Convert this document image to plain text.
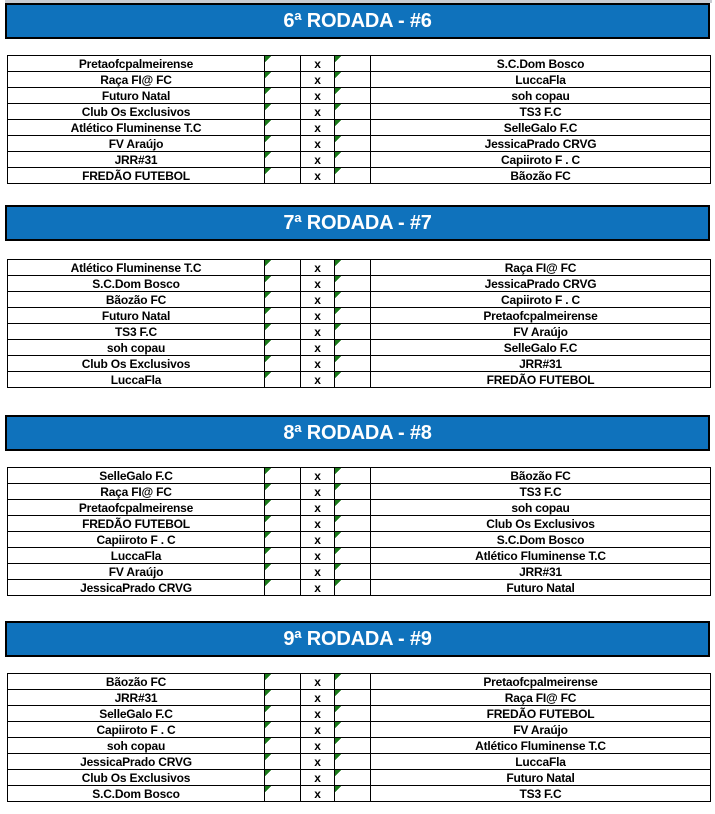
6ª RODADA - #6
Pretaofcpalmeirense		x		S.C.Dom Bosco
Raça FI@ FC		x		LuccaFla
Futuro Natal		x		soh copau
Club Os Exclusivos		x		TS3 F.C
Atlético Fluminense T.C		x		SelleGalo F.C
FV Araújo		x		JessicaPrado CRVG
JRR#31		x		Capiiroto F . C
FREDÃO FUTEBOL		x		Bãozão FC
7ª RODADA - #7
Atlético Fluminense T.C		x		Raça FI@ FC
S.C.Dom Bosco		x		JessicaPrado CRVG
Bãozão FC		x		Capiiroto F . C
Futuro Natal		x		Pretaofcpalmeirense
TS3 F.C		x		FV Araújo
soh copau		x		SelleGalo F.C
Club Os Exclusivos		x		JRR#31
LuccaFla		x		FREDÃO FUTEBOL
8ª RODADA - #8
SelleGalo F.C		x		Bãozão FC
Raça FI@ FC		x		TS3 F.C
Pretaofcpalmeirense		x		soh copau
FREDÃO FUTEBOL		x		Club Os Exclusivos
Capiiroto F . C		x		S.C.Dom Bosco
LuccaFla		x		Atlético Fluminense T.C
FV Araújo		x		JRR#31
JessicaPrado CRVG		x		Futuro Natal
9ª RODADA - #9
Bãozão FC		x		Pretaofcpalmeirense
JRR#31		x		Raça FI@ FC
SelleGalo F.C		x		FREDÃO FUTEBOL
Capiiroto F . C		x		FV Araújo
soh copau		x		Atlético Fluminense T.C
JessicaPrado CRVG		x		LuccaFla
Club Os Exclusivos		x		Futuro Natal
S.C.Dom Bosco		x		TS3 F.C
